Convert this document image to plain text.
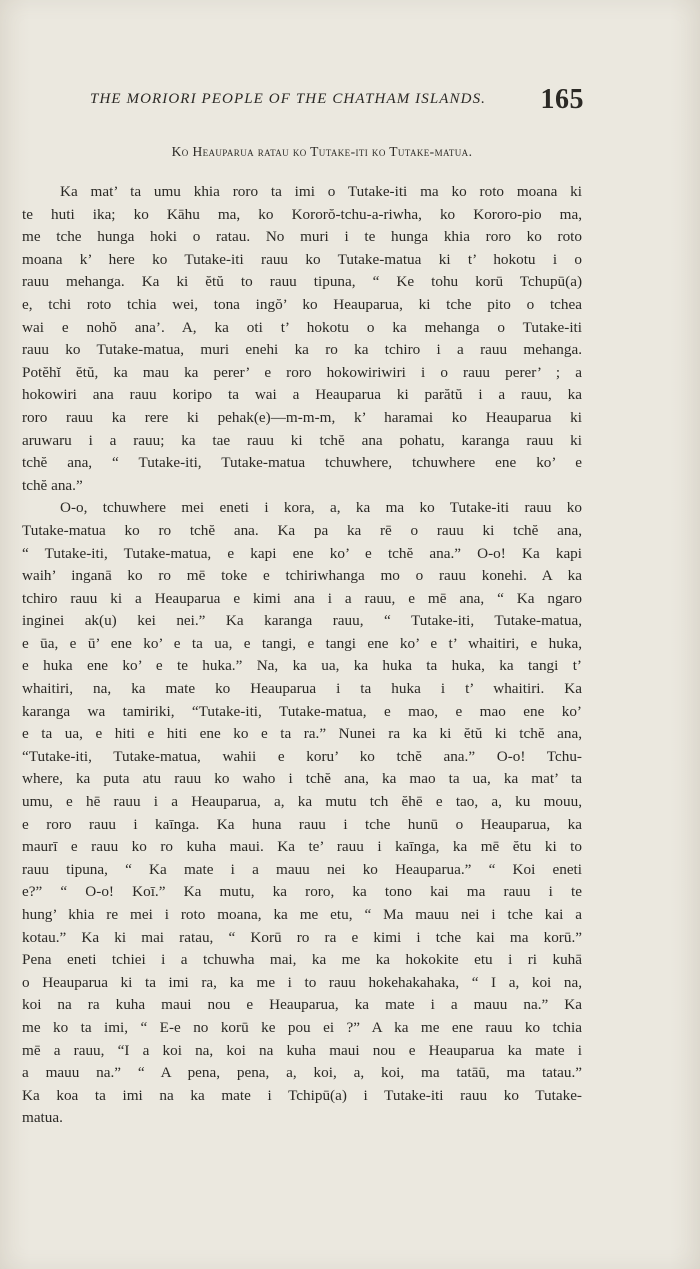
THE MORIORI PEOPLE OF THE CHATHAM ISLANDS. 165
Ko Heauparua ratau ko Tutake-iti ko Tutake-matua.
Ka mat’ ta umu khia roro ta imi o Tutake-iti ma ko roto moana ki
te huti ika; ko Kāhu ma, ko Kororŏ-tchu-a-riwha, ko Kororo-pio ma,
me tche hunga hoki o ratau. No muri i te hunga khia roro ko roto
moana k’ here ko Tutake-iti rauu ko Tutake-matua ki t’ hokotu i o
rauu mehanga. Ka ki ĕtŭ to rauu tipuna, “ Ke tohu korū Tchupū(a)
e, tchi roto tchia wei, tona ingŏ’ ko Heauparua, ki tche pito o tchea
wai e nohŏ ana’. A, ka oti t’ hokotu o ka mehanga o Tutake-iti
rauu ko Tutake-matua, muri enehi ka ro ka tchiro i a rauu mehanga.
Potĕhĭ ĕtŭ, ka mau ka perer’ e roro hokowiriwiri i o rauu perer’ ; a
hokowiri ana rauu koripo ta wai a Heauparua ki parătŭ i a rauu, ka
roro rauu ka rere ki pehak(e)—m-m-m, k’ haramai ko Heauparua ki
aruwaru i a rauu; ka tae rauu ki tchĕ ana pohatu, karanga rauu ki
tchĕ ana, “ Tutake-iti, Tutake-matua tchuwhere, tchuwhere ene ko’ e
tchĕ ana.”
O-o, tchuwhere mei eneti i kora, a, ka ma ko Tutake-iti rauu ko
Tutake-matua ko ro tchĕ ana. Ka pa ka rē o rauu ki tchĕ ana,
“ Tutake-iti, Tutake-matua, e kapi ene ko’ e tchĕ ana.” O-o! Ka kapi
waih’ inganā ko ro mē toke e tchiriwhanga mo o rauu konehi. A ka
tchiro rauu ki a Heauparua e kimi ana i a rauu, e mē ana, “ Ka ngaro
inginei ak(u) kei nei.” Ka karanga rauu, “ Tutake-iti, Tutake-matua,
e ūa, e ū’ ene ko’ e ta ua, e tangi, e tangi ene ko’ e t’ whaitiri, e huka,
e huka ene ko’ e te huka.” Na, ka ua, ka huka ta huka, ka tangi t’
whaitiri, na, ka mate ko Heauparua i ta huka i t’ whaitiri. Ka
karanga wa tamiriki, “Tutake-iti, Tutake-matua, e mao, e mao ene ko’
e ta ua, e hiti e hiti ene ko e ta ra.” Nunei ra ka ki ĕtŭ ki tchĕ ana,
“Tutake-iti, Tutake-matua, wahii e koru’ ko tchĕ ana.” O-o! Tchu-
where, ka puta atu rauu ko waho i tchĕ ana, ka mao ta ua, ka mat’ ta
umu, e hē rauu i a Heauparua, a, ka mutu tch ĕhē e tao, a, ku mouu,
e roro rauu i kaīnga. Ka huna rauu i tche hunū o Heauparua, ka
maurī e rauu ko ro kuha maui. Ka te’ rauu i kaīnga, ka mē ĕtu ki to
rauu tipuna, “ Ka mate i a mauu nei ko Heauparua.” “ Koi eneti
e?” “ O-o! Koī.” Ka mutu, ka roro, ka tono kai ma rauu i te
hung’ khia re mei i roto moana, ka me etu, “ Ma mauu nei i tche kai a
kotau.” Ka ki mai ratau, “ Korū ro ra e kimi i tche kai ma korū.”
Pena eneti tchiei i a tchuwha mai, ka me ka hokokite etu i ri kuhā
o Heauparua ki ta imi ra, ka me i to rauu hokehakahaka, “ I a, koi na,
koi na ra kuha maui nou e Heauparua, ka mate i a mauu na.” Ka
me ko ta imi, “ E-e no korū ke pou ei ?” A ka me ene rauu ko tchia
mē a rauu, “I a koi na, koi na kuha maui nou e Heauparua ka mate i
a mauu na.” “ A pena, pena, a, koi, a, koi, ma tatāū, ma tatau.”
Ka koa ta imi na ka mate i Tchipū(a) i Tutake-iti rauu ko Tutake-
matua.
